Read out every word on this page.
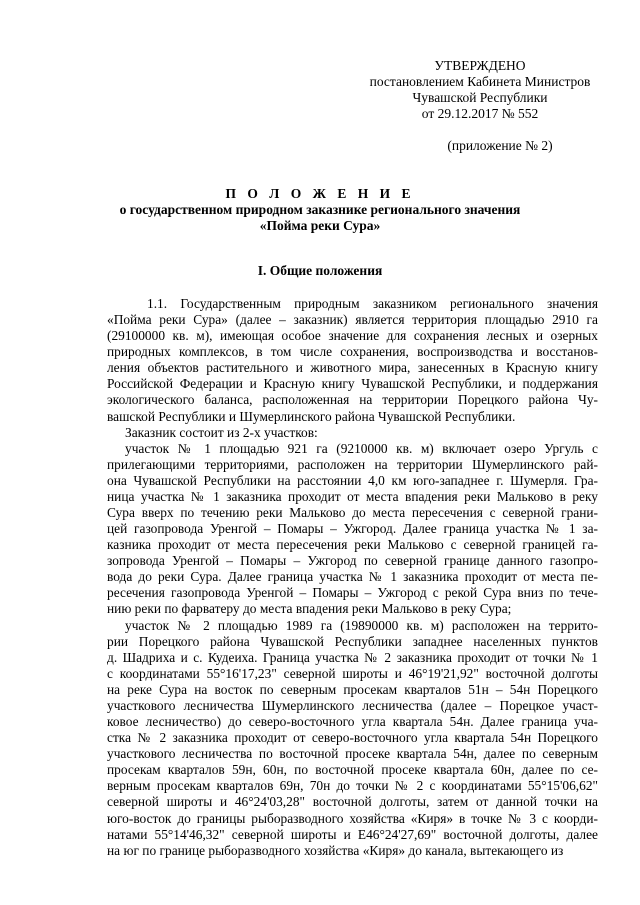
УТВЕРЖДЕНО
постановлением Кабинета Министров
Чувашской Республики
от 29.12.2017 № 552
(приложение № 2)
П О Л О Ж Е Н И Е
о государственном природном заказнике регионального значения
«Пойма реки Сура»
I. Общие положения

1.1. Государственным природным заказником регионального значения
«Пойма реки Сура» (далее – заказник) является территория площадью 2910 га
(29100000 кв. м), имеющая особое значение для сохранения лесных и озерных
природных комплексов, в том числе сохранения, воспроизводства и восстанов-
ления объектов растительного и животного мира, занесенных в Красную книгу
Российской Федерации и Красную книгу Чувашской Республики, и поддержания
экологического баланса, расположенная на территории Порецкого района Чу-
вашской Республики и Шумерлинского района Чувашской Республики.

Заказник состоит из 2-х участков:

участок № 1 площадью 921 га (9210000 кв. м) включает озеро Ургуль с
прилегающими территориями, расположен на территории Шумерлинского рай-
она Чувашской Республики на расстоянии 4,0 км юго-западнее г. Шумерля. Гра-
ница участка № 1 заказника проходит от места впадения реки Мальково в реку
Сура вверх по течению реки Мальково до места пересечения с северной грани-
цей газопровода Уренгой – Помары – Ужгород. Далее граница участка № 1 за-
казника проходит от места пересечения реки Мальково с северной границей га-
зопровода Уренгой – Помары – Ужгород по северной границе данного газопро-
вода до реки Сура. Далее граница участка № 1 заказника проходит от места пе-
ресечения газопровода Уренгой – Помары – Ужгород с рекой Сура вниз по тече-
нию реки по фарватеру до места впадения реки Мальково в реку Сура;

участок № 2 площадью 1989 га (19890000 кв. м) расположен на террито-
рии Порецкого района Чувашской Республики западнее населенных пунктов
д. Шадриха и с. Кудеиха. Граница участка № 2 заказника проходит от точки № 1
с координатами 55°16'17,23" северной широты и 46°19'21,92" восточной долготы
на реке Сура на восток по северным просекам кварталов 51н – 54н Порецкого
участкового лесничества Шумерлинского лесничества (далее – Порецкое участ-
ковое лесничество) до северо-восточного угла квартала 54н. Далее граница уча-
стка № 2 заказника проходит от северо-восточного угла квартала 54н Порецкого
участкового лесничества по восточной просеке квартала 54н, далее по северным
просекам кварталов 59н, 60н, по восточной просеке квартала 60н, далее по се-
верным просекам кварталов 69н, 70н до точки № 2 с координатами 55°15'06,62"
северной широты и 46°24'03,28" восточной долготы, затем от данной точки на
юго-восток до границы рыборазводного хозяйства «Киря» в точке № 3 с коорди-
натами 55°14'46,32" северной широты и E46°24'27,69" восточной долготы, далее
на юг по границе рыборазводного хозяйства «Киря» до канала, вытекающего из
